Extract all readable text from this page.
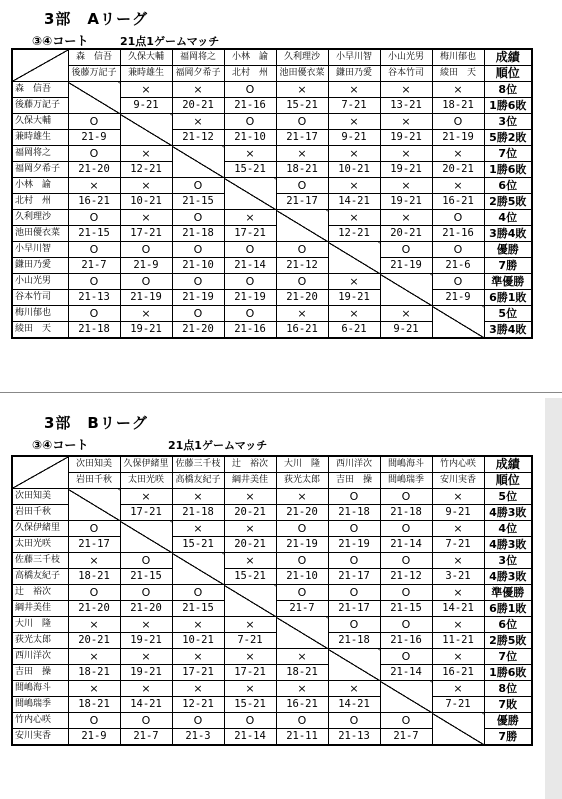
3部　Aリーグ
③④コート	21点1ゲームマッチ
	森　信吾	久保大輔	福岡将之	小林　諭	久利理沙	小早川智	小山光男	梅川郁也	成績
	後藤万記子	兼時雄生	福岡夕希子	北村　州	池田優衣菜	鎌田乃愛	谷本竹司	綾田　天	順位
森　信吾		×	×	O	×	×	×	×	8位
後藤万記子		9-21	20-21	21-16	15-21	7-21	13-21	18-21	1勝6敗
久保大輔	O		×	O	O	×	×	O	3位
兼時雄生	21-9		21-12	21-10	21-17	9-21	19-21	21-19	5勝2敗
福岡将之	O	×		×	×	×	×	×	7位
福岡夕希子	21-20	12-21		15-21	18-21	10-21	19-21	20-21	1勝6敗
小林　諭	×	×	O		O	×	×	×	6位
北村　州	16-21	10-21	21-15		21-17	14-21	19-21	16-21	2勝5敗
久利理沙	O	×	O	×		×	×	O	4位
池田優衣菜	21-15	17-21	21-18	17-21		12-21	20-21	21-16	3勝4敗
小早川智	O	O	O	O	O		O	O	優勝
鎌田乃愛	21-7	21-9	21-10	21-14	21-12		21-19	21-6	7勝
小山光男	O	O	O	O	O	×		O	準優勝
谷本竹司	21-13	21-19	21-19	21-19	21-20	19-21		21-9	6勝1敗
梅川郁也	O	×	O	O	×	×	×		5位
綾田　天	21-18	19-21	21-20	21-16	16-21	6-21	9-21		3勝4敗
3部　Bリーグ
③④コート	21点1ゲームマッチ
	次田知美	久保伊緒里	佐藤三千枝	辻　裕次	大川　隆	西川洋次	間嶋海斗	竹内心咲	成績
	岩田千秋	太田光咲	高橋友紀子	綱井美佳	荻光太郎	吉田　操	間嶋瑞季	安川実香	順位
次田知美		×	×	×	×	O	O	×	5位
岩田千秋		17-21	21-18	20-21	21-20	21-18	21-18	9-21	4勝3敗
久保伊緒里	O		×	×	O	O	O	×	4位
太田光咲	21-17		15-21	20-21	21-19	21-19	21-14	7-21	4勝3敗
佐藤三千枝	×	O		×	O	O	O	×	3位
高橋友紀子	18-21	21-15		15-21	21-10	21-17	21-12	3-21	4勝3敗
辻　裕次	O	O	O		O	O	O	×	準優勝
綱井美佳	21-20	21-20	21-15		21-7	21-17	21-15	14-21	6勝1敗
大川　隆	×	×	×	×		O	O	×	6位
荻光太郎	20-21	19-21	10-21	7-21		21-18	21-16	11-21	2勝5敗
西川洋次	×	×	×	×	×		O	×	7位
吉田　操	18-21	19-21	17-21	17-21	18-21		21-14	16-21	1勝6敗
間嶋海斗	×	×	×	×	×	×		×	8位
間嶋瑞季	18-21	14-21	12-21	15-21	16-21	14-21		7-21	7敗
竹内心咲	O	O	O	O	O	O	O		優勝
安川実香	21-9	21-7	21-3	21-14	21-11	21-13	21-7		7勝
